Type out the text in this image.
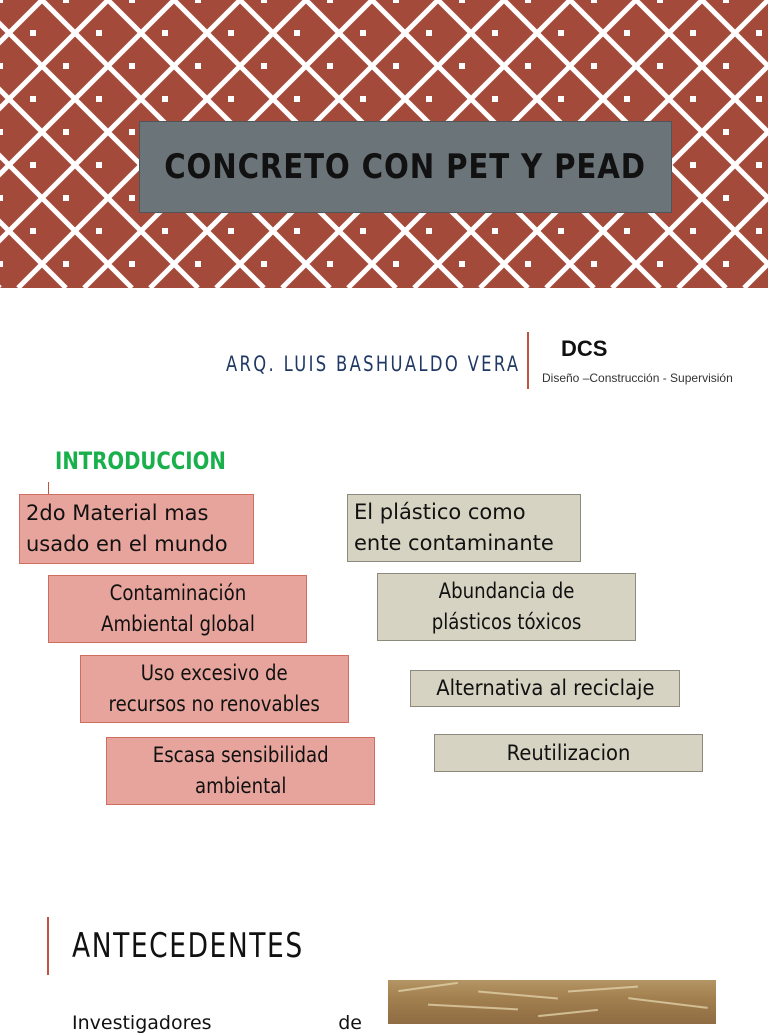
CONCRETO CON PET Y PEAD
ARQ. LUIS BASHUALDO VERA
DCS
Diseño –Construcción - Supervisión
INTRODUCCION
2do Material mas
usado en el mundo
Contaminación
Ambiental global
Uso excesivo de
recursos no renovables
Escasa sensibilidad
ambiental
El plástico como
ente contaminante
Abundancia de
plásticos tóxicos
Alternativa al reciclaje
Reutilizacion
ANTECEDENTES
Investigadores	de
